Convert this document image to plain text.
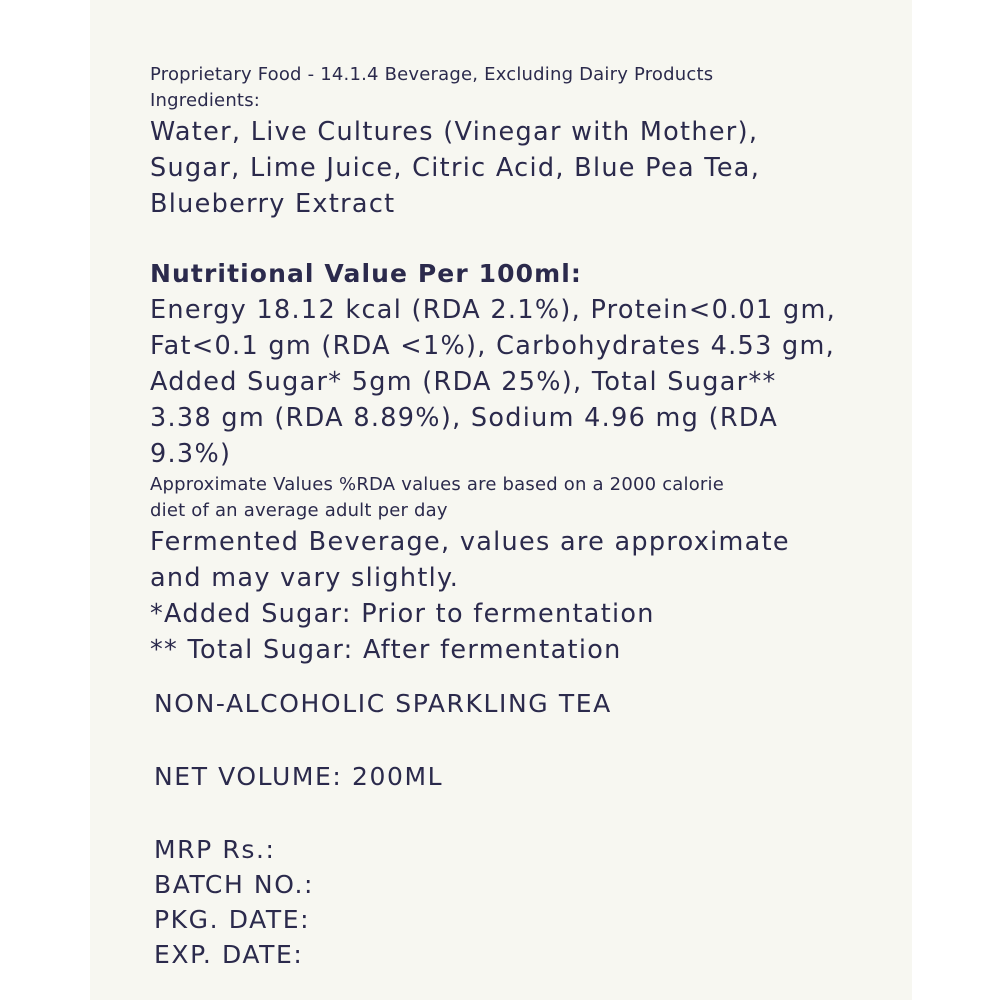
Proprietary Food - 14.1.4 Beverage, Excluding Dairy Products
Ingredients:
Water, Live Cultures (Vinegar with Mother),
Sugar, Lime Juice, Citric Acid, Blue Pea Tea,
Blueberry Extract
Nutritional Value Per 100ml:
Energy 18.12 kcal (RDA 2.1%), Protein<0.01 gm,
Fat<0.1 gm (RDA <1%), Carbohydrates 4.53 gm,
Added Sugar* 5gm (RDA 25%), Total Sugar**
3.38 gm (RDA 8.89%), Sodium 4.96 mg (RDA
9.3%)
Approximate Values %RDA values are based on a 2000 calorie
diet of an average adult per day
Fermented Beverage, values are approximate
and may vary slightly.
*Added Sugar: Prior to fermentation
** Total Sugar: After fermentation
NON-ALCOHOLIC SPARKLING TEA
NET VOLUME: 200ML
MRP Rs.:
BATCH NO.:
PKG. DATE:
EXP. DATE:
